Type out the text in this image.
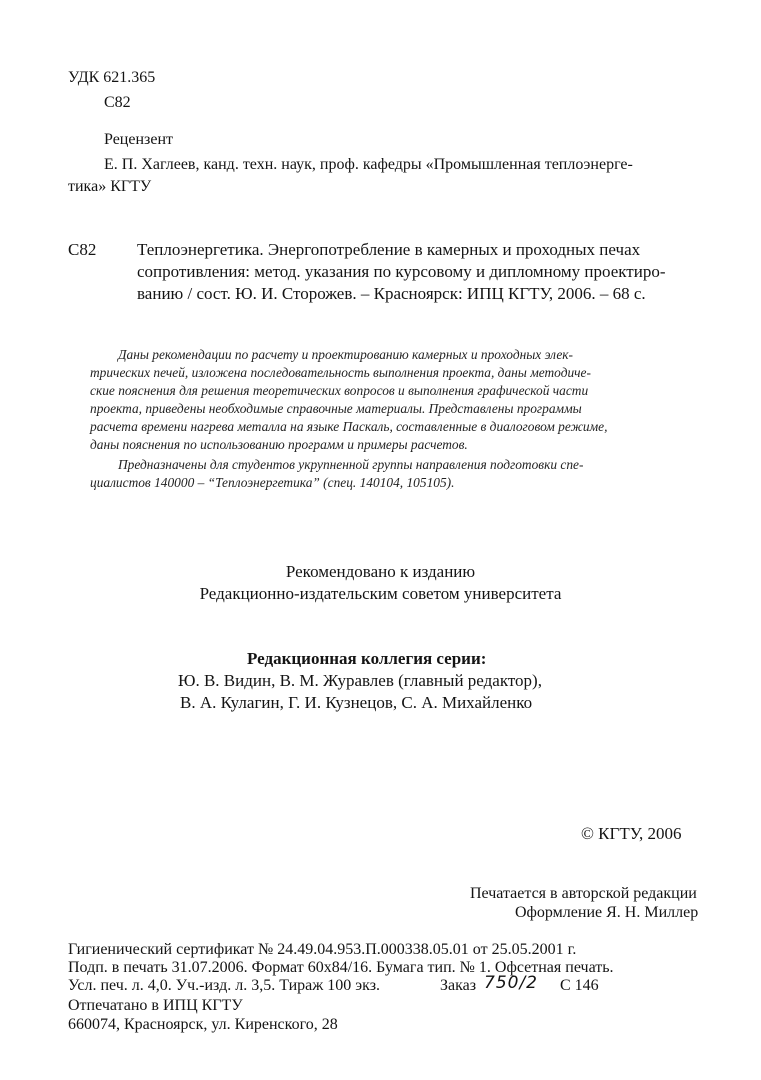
УДК 621.365
С82
Рецензент
Е. П. Хаглеев, канд. техн. наук, проф. кафедры «Промышленная теплоэнерге-
тика» КГТУ
С82 Теплоэнергетика. Энергопотребление в камерных и проходных печах
сопротивления: метод. указания по курсовому и дипломному проектиро-
ванию / сост. Ю. И. Сторожев. – Красноярск: ИПЦ КГТУ, 2006. – 68 с.
Даны рекомендации по расчету и проектированию камерных и проходных элек-
трических печей, изложена последовательность выполнения проекта, даны методиче-
ские пояснения для решения теоретических вопросов и выполнения графической части
проекта, приведены необходимые справочные материалы. Представлены программы
расчета времени нагрева металла на языке Паскаль, составленные в диалоговом режиме,
даны пояснения по использованию программ и примеры расчетов.
Предназначены для студентов укрупненной группы направления подготовки спе-
циалистов 140000 – “Теплоэнергетика” (спец. 140104, 105105).
Рекомендовано к изданию
Редакционно-издательским советом университета
Редакционная коллегия серии:
Ю. В. Видин, В. М. Журавлев (главный редактор),
В. А. Кулагин, Г. И. Кузнецов, С. А. Михайленко
© КГТУ, 2006
Печатается в авторской редакции
Оформление Я. Н. Миллер
Гигиенический сертификат № 24.49.04.953.П.000338.05.01 от 25.05.2001 г.
Подп. в печать 31.07.2006. Формат 60х84/16. Бумага тип. № 1. Офсетная печать.
Усл. печ. л. 4,0. Уч.-изд. л. 3,5. Тираж 100 экз.	Заказ 750/2 С 146
Отпечатано в ИПЦ КГТУ
660074, Красноярск, ул. Киренского, 28
